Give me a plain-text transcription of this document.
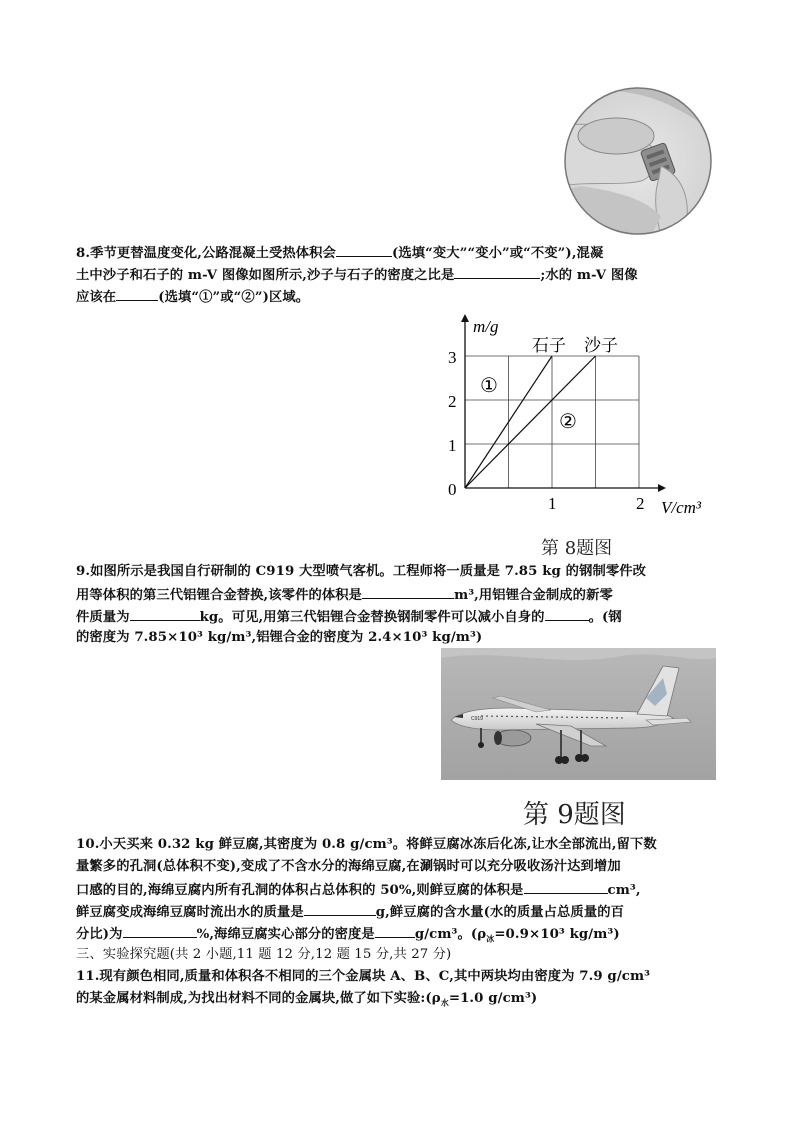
8.季节更替温度变化,公路混凝土受热体积会	(选填“变大”“变小”或“不变”),混凝
土中沙子和石子的 m-V 图像如图所示,沙子与石子的密度之比是	;水的 m-V 图像
应该在	(选填“①”或“②”)区域。
m/g
V/cm³
0
1
2
3
1	2
石子 沙子
①
②
第 8题图
9.如图所示是我国自行研制的 C919 大型喷气客机。工程师将一质量是 7.85 kg 的钢制零件改
用等体积的第三代铝锂合金替换,该零件的体积是	m³,用铝锂合金制成的新零
件质量为	kg。可见,用第三代铝锂合金替换钢制零件可以减小自身的	。(钢
的密度为 7.85×10³ kg/m³,铝锂合金的密度为 2.4×10³ kg/m³)
C919
第 9题图
10.小天买来 0.32 kg 鲜豆腐,其密度为 0.8 g/cm³。将鲜豆腐冰冻后化冻,让水全部流出,留下数
量繁多的孔洞(总体积不变),变成了不含水分的海绵豆腐,在涮锅时可以充分吸收汤汁达到增加
口感的目的,海绵豆腐内所有孔洞的体积占总体积的 50%,则鲜豆腐的体积是	cm³,
鲜豆腐变成海绵豆腐时流出水的质量是	g,鲜豆腐的含水量(水的质量占总质量的百
分比)为	%,海绵豆腐实心部分的密度是	g/cm³。($\rho_冰=0.9\times 10^3$ kg/m³)
三、实验探究题(共 2 小题,11 题 12 分,12 题 15 分,共 27 分)
11.现有颜色相同,质量和体积各不相同的三个金属块 A、B、C,其中两块均由密度为 7.9 g/cm³
的某金属材料制成,为找出材料不同的金属块,做了如下实验$:(\rho_水=1.0$ g/cm³)
